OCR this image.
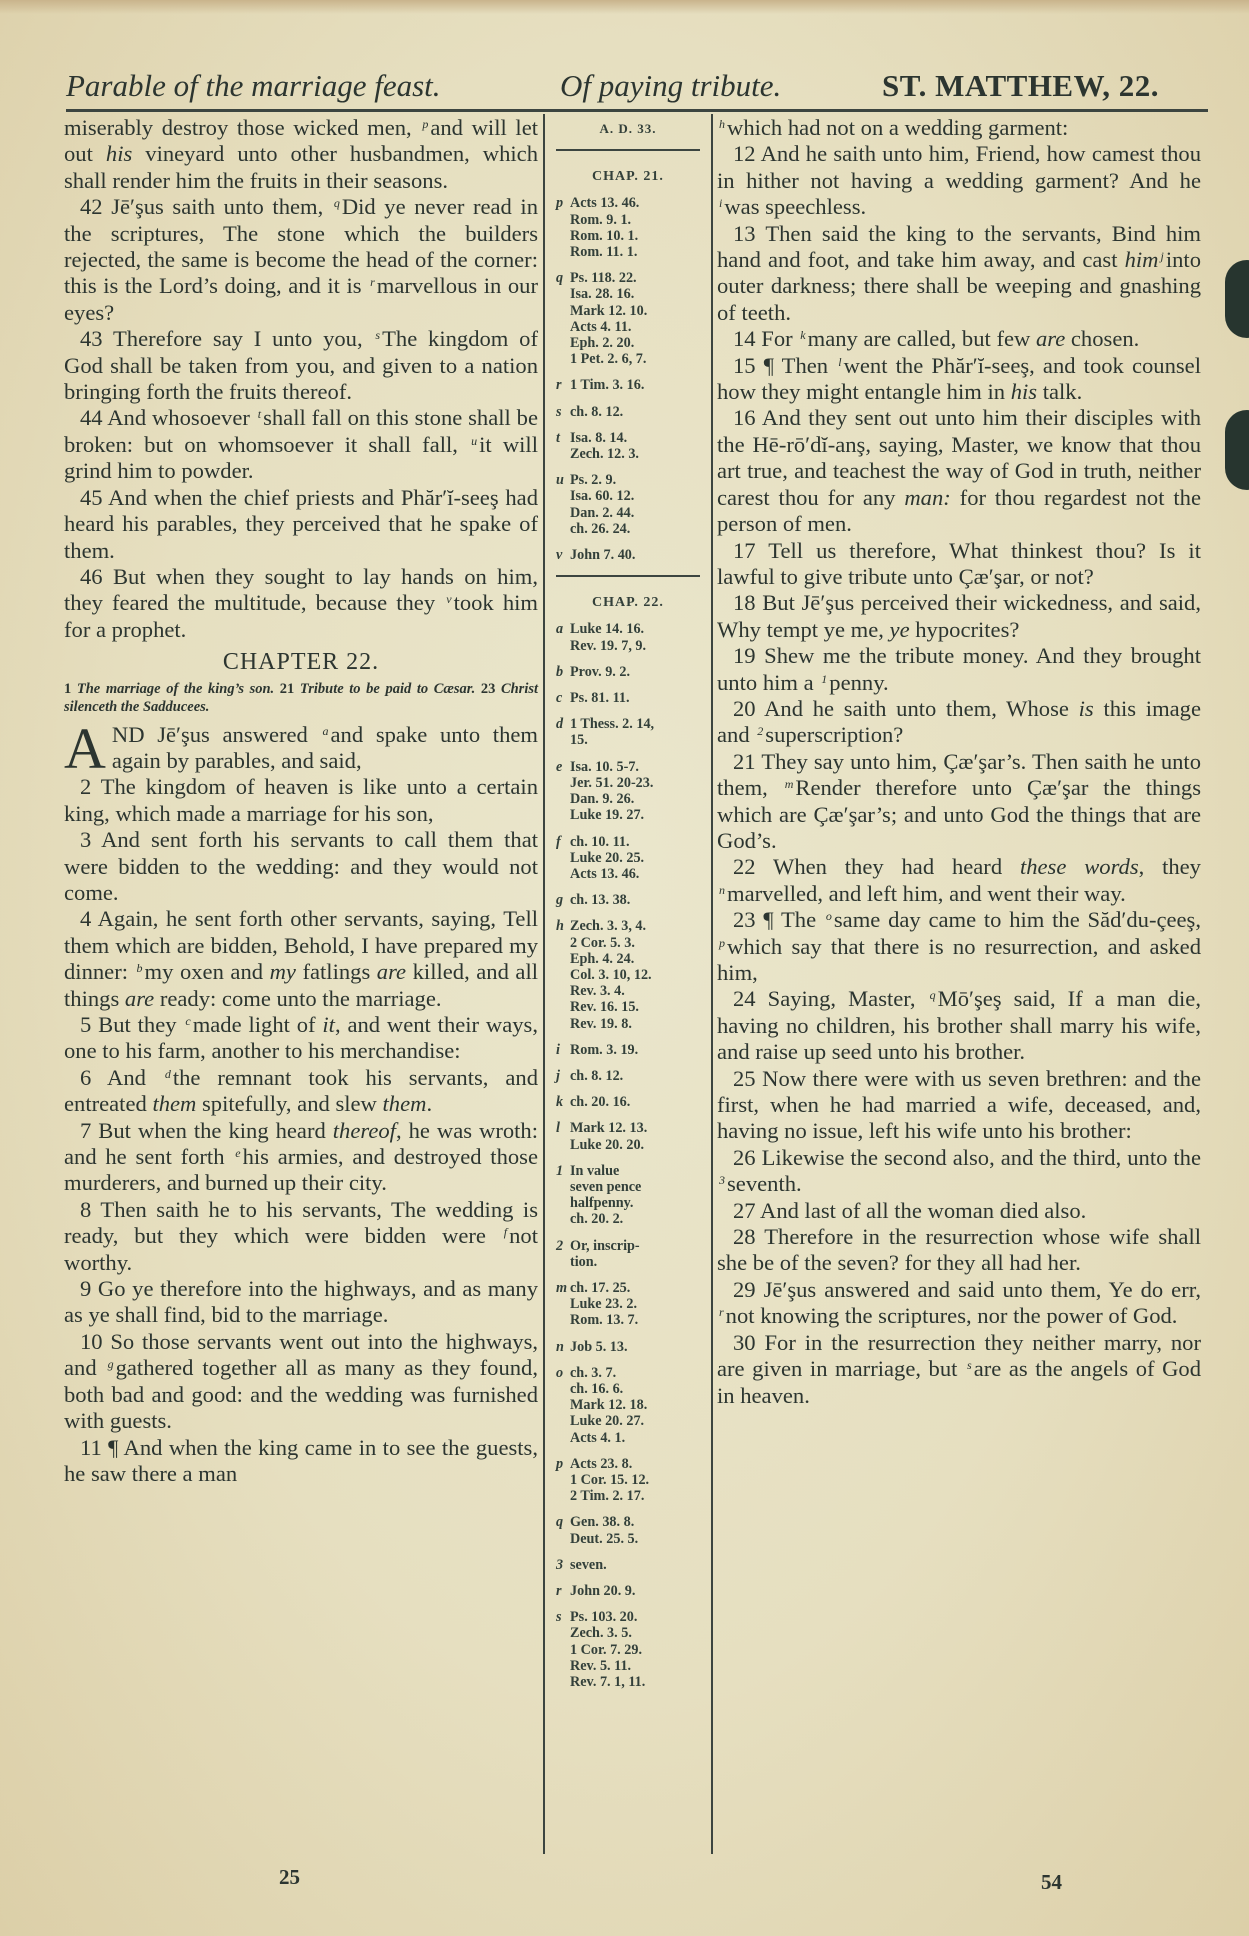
Parable of the marriage feast.	Of paying tribute.	ST. MATTHEW, 22.

miserably destroy those wicked men, $^p$and will let out his vineyard unto other husbandmen, which shall render him the fruits in their seasons.

42 Jē′şus saith unto them, $^q$Did ye never read in the scriptures, The stone which the builders rejected, the same is become the head of the corner: this is the Lord’s doing, and it is $^r$marvellous in our eyes?

43 Therefore say I unto you, $^s$The kingdom of God shall be taken from you, and given to a nation bringing forth the fruits thereof.

44 And whosoever $^t$shall fall on this stone shall be broken: but on whomsoever it shall fall, $^u$it will grind him to powder.

45 And when the chief priests and Phăr′ĭ-seeş had heard his parables, they perceived that he spake of them.

46 But when they sought to lay hands on him, they feared the multitude, because they $^v$took him for a prophet.

CHAPTER 22.
1 The marriage of the king’s son. 21 Tribute to be paid to Cæsar. 23 Christ silenceth the Sadducees.

AND Jē′şus answered $^a$and spake unto them again by parables, and said,

2 The kingdom of heaven is like unto a certain king, which made a marriage for his son,

3 And sent forth his servants to call them that were bidden to the wedding: and they would not come.

4 Again, he sent forth other servants, saying, Tell them which are bidden, Behold, I have prepared my dinner: $^b$my oxen and my fatlings are killed, and all things are ready: come unto the marriage.

5 But they $^c$made light of it, and went their ways, one to his farm, another to his merchandise:

6 And $^d$the remnant took his servants, and entreated them spitefully, and slew them.

7 But when the king heard thereof, he was wroth: and he sent forth $^e$his armies, and destroyed those murderers, and burned up their city.

8 Then saith he to his servants, The wedding is ready, but they which were bidden were $^f$not worthy.

9 Go ye therefore into the highways, and as many as ye shall find, bid to the marriage.

10 So those servants went out into the highways, and $^g$gathered together all as many as they found, both bad and good: and the wedding was furnished with guests.

11 ¶ And when the king came in to see the guests, he saw there a man

A. D. 33.
CHAP. 21.
p Acts 13. 46.
Rom. 9. 1.
Rom. 10. 1.
Rom. 11. 1.
q Ps. 118. 22.
Isa. 28. 16.
Mark 12. 10.
Acts 4. 11.
Eph. 2. 20.
1 Pet. 2. 6, 7.
r 1 Tim. 3. 16.
s ch. 8. 12.
t Isa. 8. 14.
Zech. 12. 3.
u Ps. 2. 9.
Isa. 60. 12.
Dan. 2. 44.
ch. 26. 24.
v John 7. 40.
CHAP. 22.
a Luke 14. 16.
Rev. 19. 7, 9.
b Prov. 9. 2.
c Ps. 81. 11.
d 1 Thess. 2. 14,
15.
e Isa. 10. 5-7.
Jer. 51. 20-23.
Dan. 9. 26.
Luke 19. 27.
f ch. 10. 11.
Luke 20. 25.
Acts 13. 46.
g ch. 13. 38.
h Zech. 3. 3, 4.
2 Cor. 5. 3.
Eph. 4. 24.
Col. 3. 10, 12.
Rev. 3. 4.
Rev. 16. 15.
Rev. 19. 8.
i Rom. 3. 19.
j ch. 8. 12.
k ch. 20. 16.
l Mark 12. 13.
Luke 20. 20.
1 In value
seven pence
halfpenny.
ch. 20. 2.
2 Or, inscrip-
tion.
m ch. 17. 25.
Luke 23. 2.
Rom. 13. 7.
n Job 5. 13.
o ch. 3. 7.
ch. 16. 6.
Mark 12. 18.
Luke 20. 27.
Acts 4. 1.
p Acts 23. 8.
1 Cor. 15. 12.
2 Tim. 2. 17.
q Gen. 38. 8.
Deut. 25. 5.
3 seven.
r John 20. 9.
s Ps. 103. 20.
Zech. 3. 5.
1 Cor. 7. 29.
Rev. 5. 11.
Rev. 7. 1, 11.

$^h$which had not on a wedding garment:

12 And he saith unto him, Friend, how camest thou in hither not having a wedding garment? And he $^i$was speechless.

13 Then said the king to the servants, Bind him hand and foot, and take him away, and cast him $^j$into outer darkness; there shall be weeping and gnashing of teeth.

14 For $^k$many are called, but few are chosen.

15 ¶ Then $^l$went the Phăr′ĭ-seeş, and took counsel how they might entangle him in his talk.

16 And they sent out unto him their disciples with the Hē-rō′dĭ-anş, saying, Master, we know that thou art true, and teachest the way of God in truth, neither carest thou for any man: for thou regardest not the person of men.

17 Tell us therefore, What thinkest thou? Is it lawful to give tribute unto Çæ′şar, or not?

18 But Jē′şus perceived their wickedness, and said, Why tempt ye me, ye hypocrites?

19 Shew me the tribute money. And they brought unto him a $^1$penny.

20 And he saith unto them, Whose is this image and $^2$superscription?

21 They say unto him, Çæ′şar’s. Then saith he unto them, $^m$Render therefore unto Çæ′şar the things which are Çæ′şar’s; and unto God the things that are God’s.

22 When they had heard these words, they $^n$marvelled, and left him, and went their way.

23 ¶ The $^o$same day came to him the Săd′du-çeeş, $^p$which say that there is no resurrection, and asked him,

24 Saying, Master, $^q$Mō′şeş said, If a man die, having no children, his brother shall marry his wife, and raise up seed unto his brother.

25 Now there were with us seven brethren: and the first, when he had married a wife, deceased, and, having no issue, left his wife unto his brother:

26 Likewise the second also, and the third, unto the $^3$seventh.

27 And last of all the woman died also.

28 Therefore in the resurrection whose wife shall she be of the seven? for they all had her.

29 Jē′şus answered and said unto them, Ye do err, $^r$not knowing the scriptures, nor the power of God.

30 For in the resurrection they neither marry, nor are given in marriage, but $^s$are as the angels of God in heaven.

25	54
